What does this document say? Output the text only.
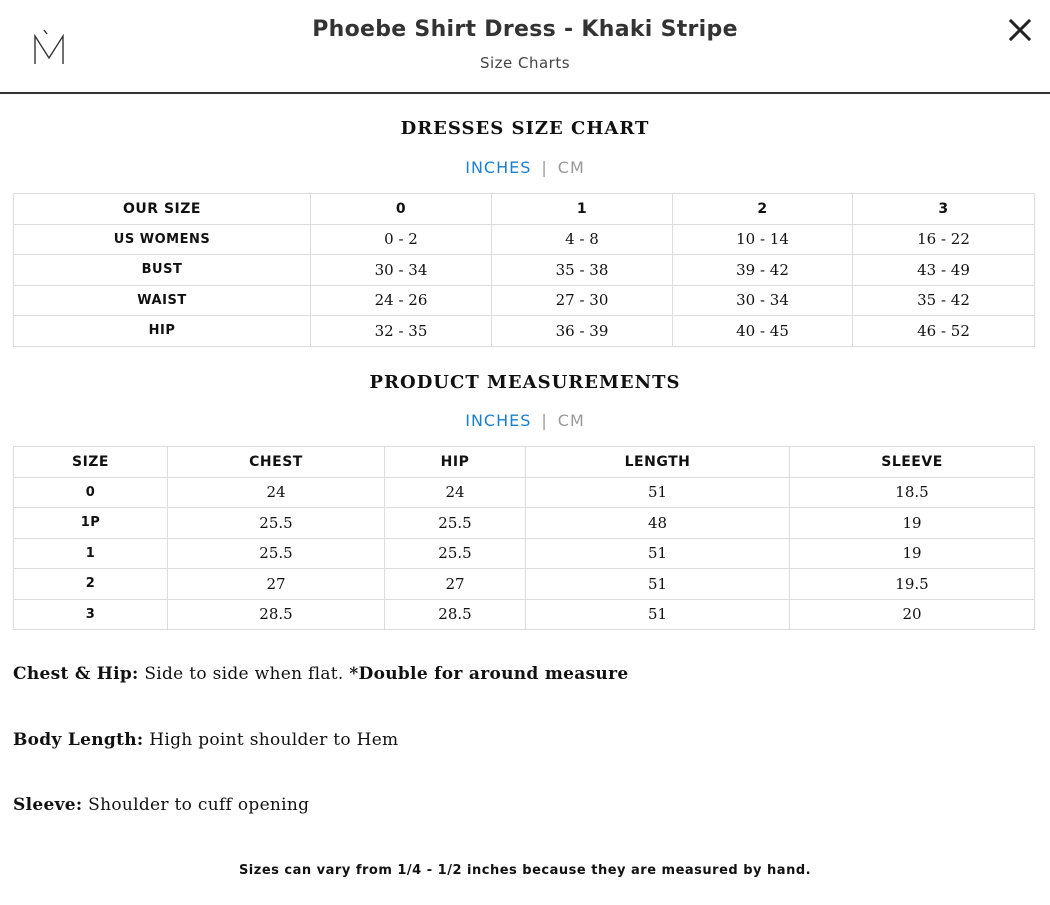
Phoebe Shirt Dress - Khaki Stripe
Size Charts
DRESSES SIZE CHART
INCHES | CM
OUR SIZE	0	1	2	3
US WOMENS	0 - 2	4 - 8	10 - 14	16 - 22
BUST	30 - 34	35 - 38	39 - 42	43 - 49
WAIST	24 - 26	27 - 30	30 - 34	35 - 42
HIP	32 - 35	36 - 39	40 - 45	46 - 52
PRODUCT MEASUREMENTS
INCHES | CM
SIZE	CHEST	HIP	LENGTH	SLEEVE
0	24	24	51	18.5
1P	25.5	25.5	48	19
1	25.5	25.5	51	19
2	27	27	51	19.5
3	28.5	28.5	51	20
Chest & Hip: Side to side when flat. *Double for around measure
Body Length: High point shoulder to Hem
Sleeve: Shoulder to cuff opening
Sizes can vary from 1/4 - 1/2 inches because they are measured by hand.
